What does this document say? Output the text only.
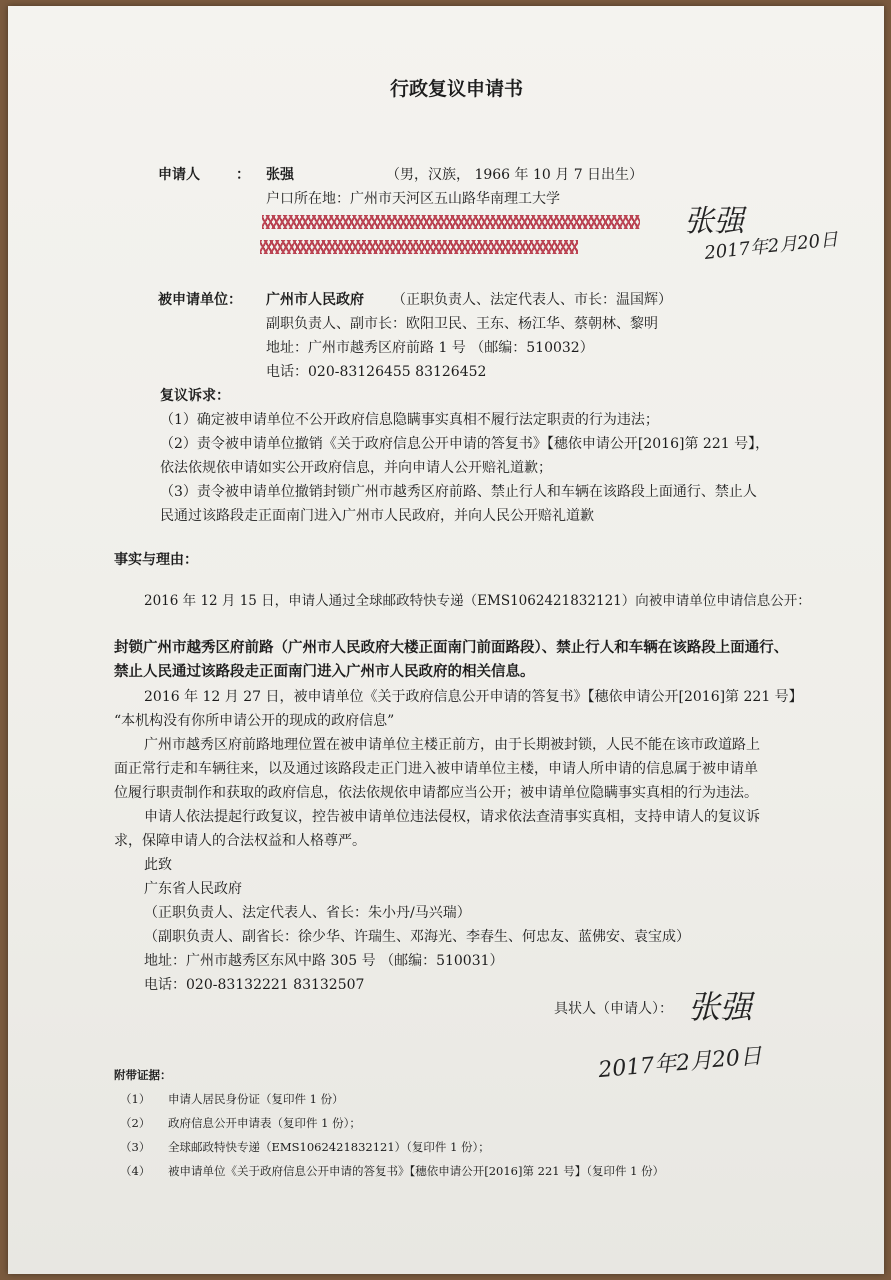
行政复议申请书
申请人	： 张强	（男，汉族， 1966 年 10 月 7 日出生）
户口所在地：广州市天河区五山路华南理工大学
张强
2017年2月20日
被申请单位： 广州市人民政府 （正职负责人、法定代表人、市长：温国辉）
副职负责人、副市长：欧阳卫民、王东、杨江华、蔡朝林、黎明
地址：广州市越秀区府前路 1 号 （邮编：510032）
电话：020-83126455 83126452
复议诉求：
（1）确定被申请单位不公开政府信息隐瞒事实真相不履行法定职责的行为违法；
（2）责令被申请单位撤销《关于政府信息公开申请的答复书》【穗依申请公开[2016]第 221 号】，
依法依规依申请如实公开政府信息，并向申请人公开赔礼道歉；
（3）责令被申请单位撤销封锁广州市越秀区府前路、禁止行人和车辆在该路段上面通行、禁止人
民通过该路段走正面南门进入广州市人民政府，并向人民公开赔礼道歉
事实与理由：
2016 年 12 月 15 日，申请人通过全球邮政特快专递（EMS1062421832121）向被申请单位申请信息公开：
封锁广州市越秀区府前路（广州市人民政府大楼正面南门前面路段）、禁止行人和车辆在该路段上面通行、
禁止人民通过该路段走正面南门进入广州市人民政府的相关信息。
2016 年 12 月 27 日，被申请单位《关于政府信息公开申请的答复书》【穗依申请公开[2016]第 221 号】
“本机构没有你所申请公开的现成的政府信息”
广州市越秀区府前路地理位置在被申请单位主楼正前方，由于长期被封锁，人民不能在该市政道路上
面正常行走和车辆往来，以及通过该路段走正门进入被申请单位主楼，申请人所申请的信息属于被申请单
位履行职责制作和获取的政府信息，依法依规依申请都应当公开；被申请单位隐瞒事实真相的行为违法。
申请人依法提起行政复议，控告被申请单位违法侵权，请求依法查清事实真相，支持申请人的复议诉
求，保障申请人的合法权益和人格尊严。
此致
广东省人民政府
（正职负责人、法定代表人、省长：朱小丹/马兴瑞）
（副职负责人、副省长：徐少华、许瑞生、邓海光、李春生、何忠友、蓝佛安、袁宝成）
地址：广州市越秀区东风中路 305 号 （邮编：510031）
电话：020-83132221 83132507
具状人（申请人）： 张强
2017年2月20日
附带证据：
（1） 申请人居民身份证（复印件 1 份）
（2） 政府信息公开申请表（复印件 1 份）；
（3） 全球邮政特快专递（EMS1062421832121）（复印件 1 份）；
（4） 被申请单位《关于政府信息公开申请的答复书》【穗依申请公开[2016]第 221 号】（复印件 1 份）
